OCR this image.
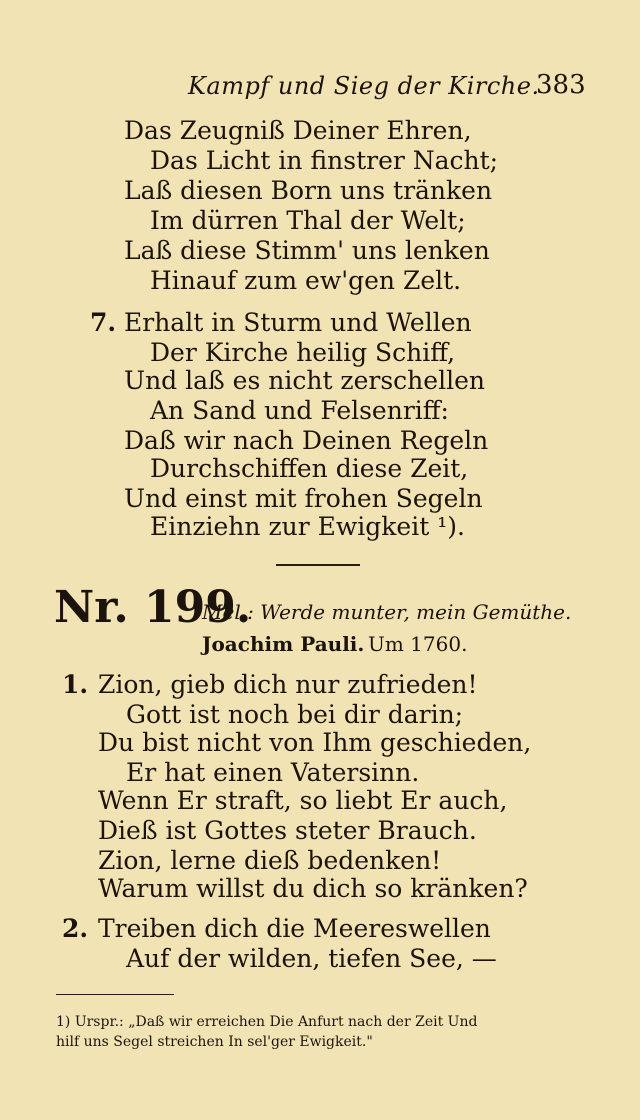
Kampf und Sieg der Kirche.
383
Das Zeugniß Deiner Ehren,
Das Licht in finstrer Nacht;
Laß diesen Born uns tränken
Im dürren Thal der Welt;
Laß diese Stimm' uns lenken
Hinauf zum ew'gen Zelt.
7. Erhalt in Sturm und Wellen
Der Kirche heilig Schiff,
Und laß es nicht zerschellen
An Sand und Felsenriff:
Daß wir nach Deinen Regeln
Durchschiffen diese Zeit,
Und einst mit frohen Segeln
Einziehn zur Ewigkeit ¹).
Nr. 199.
Mel.: Werde munter, mein Gemüthe.
Joachim Pauli. Um 1760.
1. Zion, gieb dich nur zufrieden!
Gott ist noch bei dir darin;
Du bist nicht von Ihm geschieden,
Er hat einen Vatersinn.
Wenn Er straft, so liebt Er auch,
Dieß ist Gottes steter Brauch.
Zion, lerne dieß bedenken!
Warum willst du dich so kränken?
2. Treiben dich die Meereswellen
Auf der wilden, tiefen See, —
1) Urspr.: „Daß wir erreichen Die Anfurt nach der Zeit Und
hilf uns Segel streichen In sel'ger Ewigkeit."
